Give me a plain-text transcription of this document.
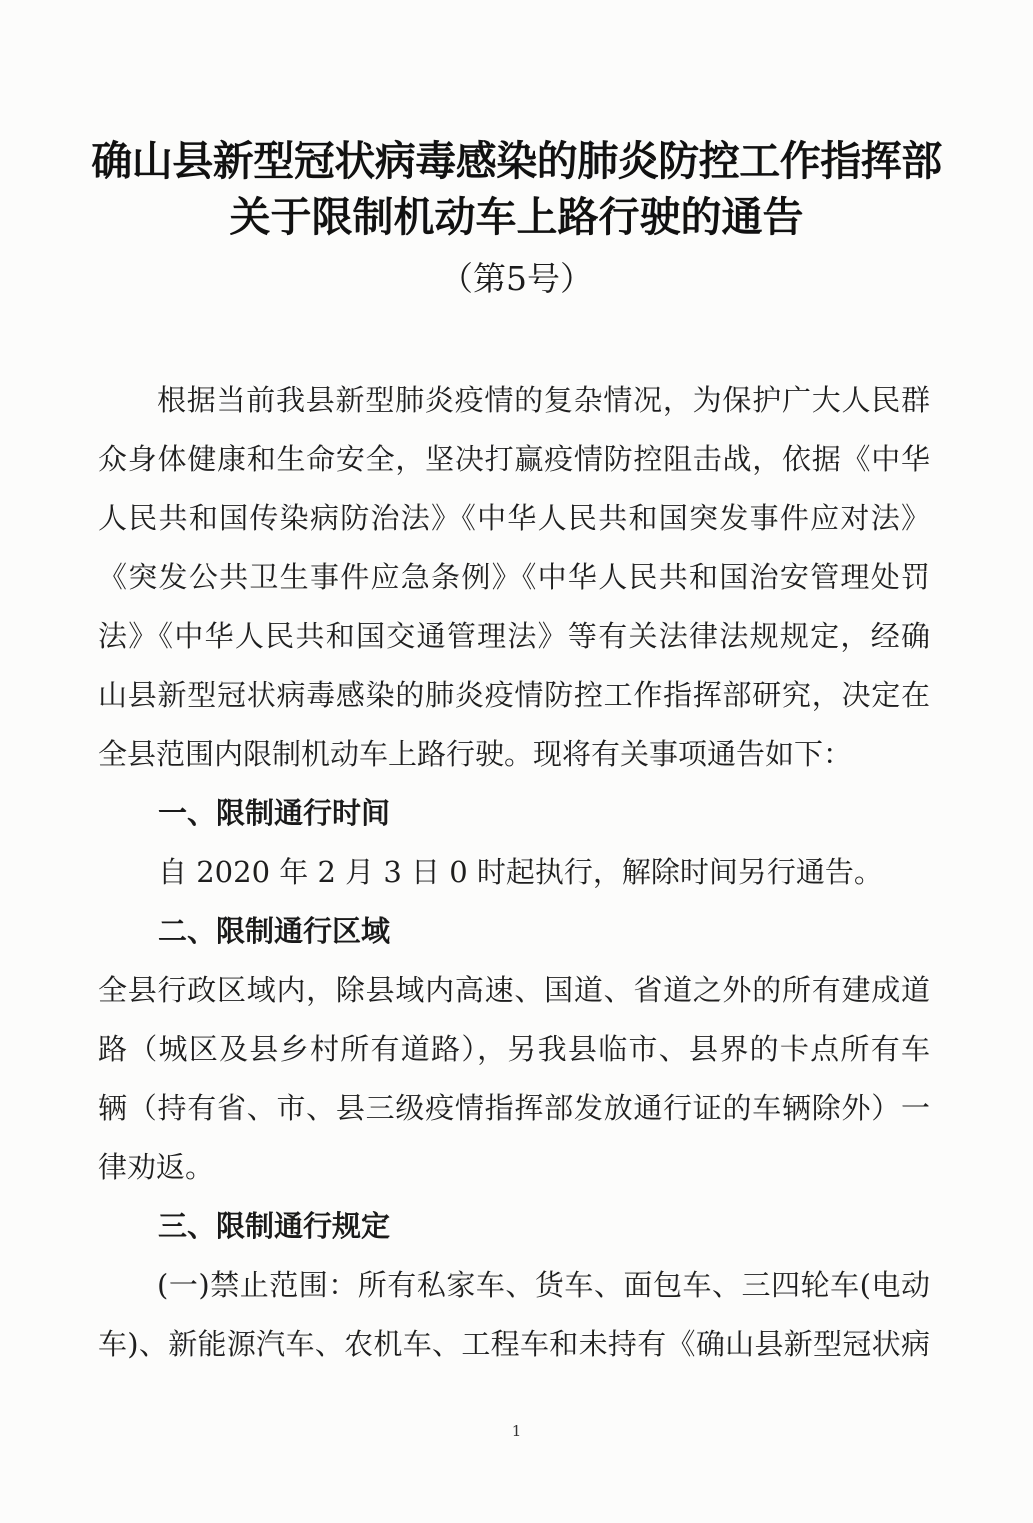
确山县新型冠状病毒感染的肺炎防控工作指挥部
关于限制机动车上路行驶的通告
（第5号）
根据当前我县新型肺炎疫情的复杂情况，为保护广大人民群
众身体健康和生命安全，坚决打赢疫情防控阻击战，依据《中华
人民共和国传染病防治法》《中华人民共和国突发事件应对法》
《突发公共卫生事件应急条例》《中华人民共和国治安管理处罚
法》《中华人民共和国交通管理法》等有关法律法规规定，经确
山县新型冠状病毒感染的肺炎疫情防控工作指挥部研究，决定在
全县范围内限制机动车上路行驶。现将有关事项通告如下：
一、限制通行时间
自 2020 年 2 月 3 日 0 时起执行，解除时间另行通告。
二、限制通行区域
全县行政区域内，除县域内高速、国道、省道之外的所有建成道
路（城区及县乡村所有道路），另我县临市、县界的卡点所有车
辆（持有省、市、县三级疫情指挥部发放通行证的车辆除外）一
律劝返。
三、限制通行规定
(一)禁止范围：所有私家车、货车、面包车、三四轮车(电动
车)、新能源汽车、农机车、工程车和未持有《确山县新型冠状病
1
